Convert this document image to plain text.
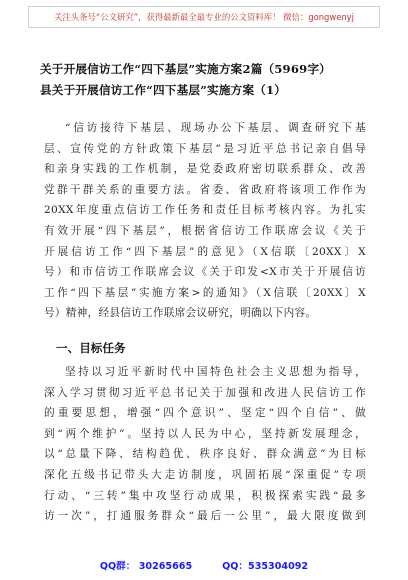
关注头条号“公文研究”，获得最新最全最专业的公文资料库！ 微信：gongwenyj
关于开展信访工作“四下基层”实施方案2篇（5969字）
县关于开展信访工作“四下基层”实施方案（1）
“信访接待下基层、现场办公下基层、调查研究下基
层、宣传党的方针政策下基层”是习近平总书记亲自倡导
和亲身实践的工作机制，是党委政府密切联系群众、改善
党群干群关系的重要方法。省委、省政府将该项工作作为
20XX年度重点信访工作任务和责任目标考核内容。为扎实
有效开展“四下基层”，根据省信访工作联席会议《关于
开展信访工作“四下基层”的意见》（X信联〔20XX〕X
号）和市信访工作联席会议《关于印发<X市关于开展信访
工作“四下基层”实施方案>的通知》（X信联〔20XX〕X
号）精神，经县信访工作联席会议研究，明确以下内容。
一、目标任务
坚持以习近平新时代中国特色社会主义思想为指导，
深入学习贯彻习近平总书记关于加强和改进人民信访工作
的重要思想，增强“四个意识”、坚定“四个自信”、做
到“两个维护”。坚持以人民为中心，坚持新发展理念，
以“总量下降、结构趋优、秩序良好、群众满意”为目标
深化五级书记带头大走访制度，巩固拓展“深重促”专项
行动、“三转”集中攻坚行动成果，积极探索实践“最多
访一次”，打通服务群众“最后一公里”，最大限度做到
QQ群： 30265665	QQ：535304092
